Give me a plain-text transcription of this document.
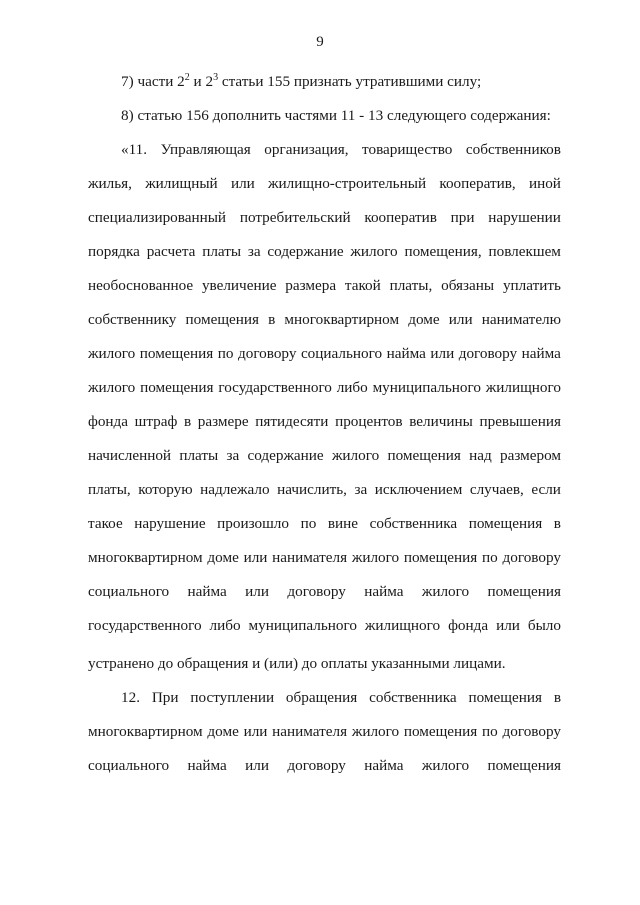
9
7) части $2^2$ и $2^3$ статьи 155 признать утратившими силу;
8) статью 156 дополнить частями 11 - 13 следующего содержания:
«11. Управляющая организация, товарищество собственников
жилья, жилищный или жилищно-строительный кооператив, иной
специализированный потребительский кооператив при нарушении
порядка расчета платы за содержание жилого помещения, повлекшем
необоснованное увеличение размера такой платы, обязаны уплатить
собственнику помещения в многоквартирном доме или нанимателю
жилого помещения по договору социального найма или договору найма
жилого помещения государственного либо муниципального жилищного
фонда штраф в размере пятидесяти процентов величины превышения
начисленной платы за содержание жилого помещения над размером
платы, которую надлежало начислить, за исключением случаев, если
такое нарушение произошло по вине собственника помещения в
многоквартирном доме или нанимателя жилого помещения по договору
социального найма или договору найма жилого помещения
государственного либо муниципального жилищного фонда или было
устранено до обращения и (или) до оплаты указанными лицами.
12. При поступлении обращения собственника помещения в
многоквартирном доме или нанимателя жилого помещения по договору
социального найма или договору найма жилого помещения
